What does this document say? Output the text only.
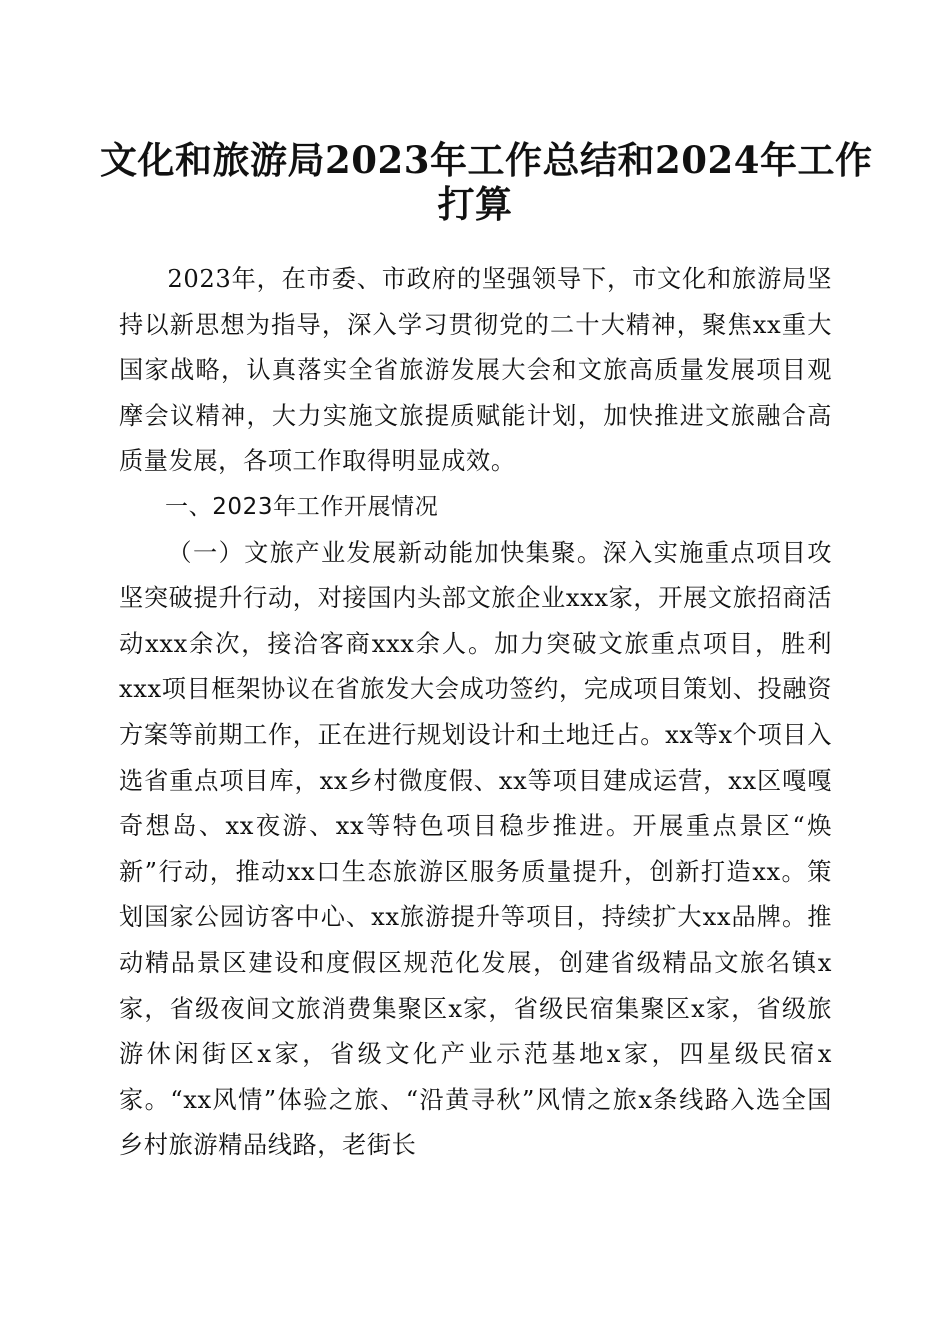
文化和旅游局2023年工作总结和2024年工作
打算

2023年，在市委、市政府的坚强领导下，市文化和旅游局坚持以新思想为指导，深入学习贯彻党的二十大精神，聚焦xx重大国家战略，认真落实全省旅游发展大会和文旅高质量发展项目观摩会议精神，大力实施文旅提质赋能计划，加快推进文旅融合高质量发展，各项工作取得明显成效。

一、2023年工作开展情况

（一）文旅产业发展新动能加快集聚。深入实施重点项目攻坚突破提升行动，对接国内头部文旅企业xxx家，开展文旅招商活动xxx余次，接洽客商xxx余人。加力突破文旅重点项目，胜利xxx项目框架协议在省旅发大会成功签约，完成项目策划、投融资方案等前期工作，正在进行规划设计和土地迁占。xx等x个项目入选省重点项目库，xx乡村微度假、xx等项目建成运营，xx区嘎嘎奇想岛、xx夜游、xx等特色项目稳步推进。开展重点景区“焕新”行动，推动xx口生态旅游区服务质量提升，创新打造xx。策划国家公园访客中心、xx旅游提升等项目，持续扩大xx品牌。推动精品景区建设和度假区规范化发展，创建省级精品文旅名镇x家，省级夜间文旅消费集聚区x家，省级民宿集聚区x家，省级旅游休闲街区x家，省级文化产业示范基地x家，四星级民宿x家。“xx风情”体验之旅、“沿黄寻秋”风情之旅x条线路入选全国乡村旅游精品线路，老街长
